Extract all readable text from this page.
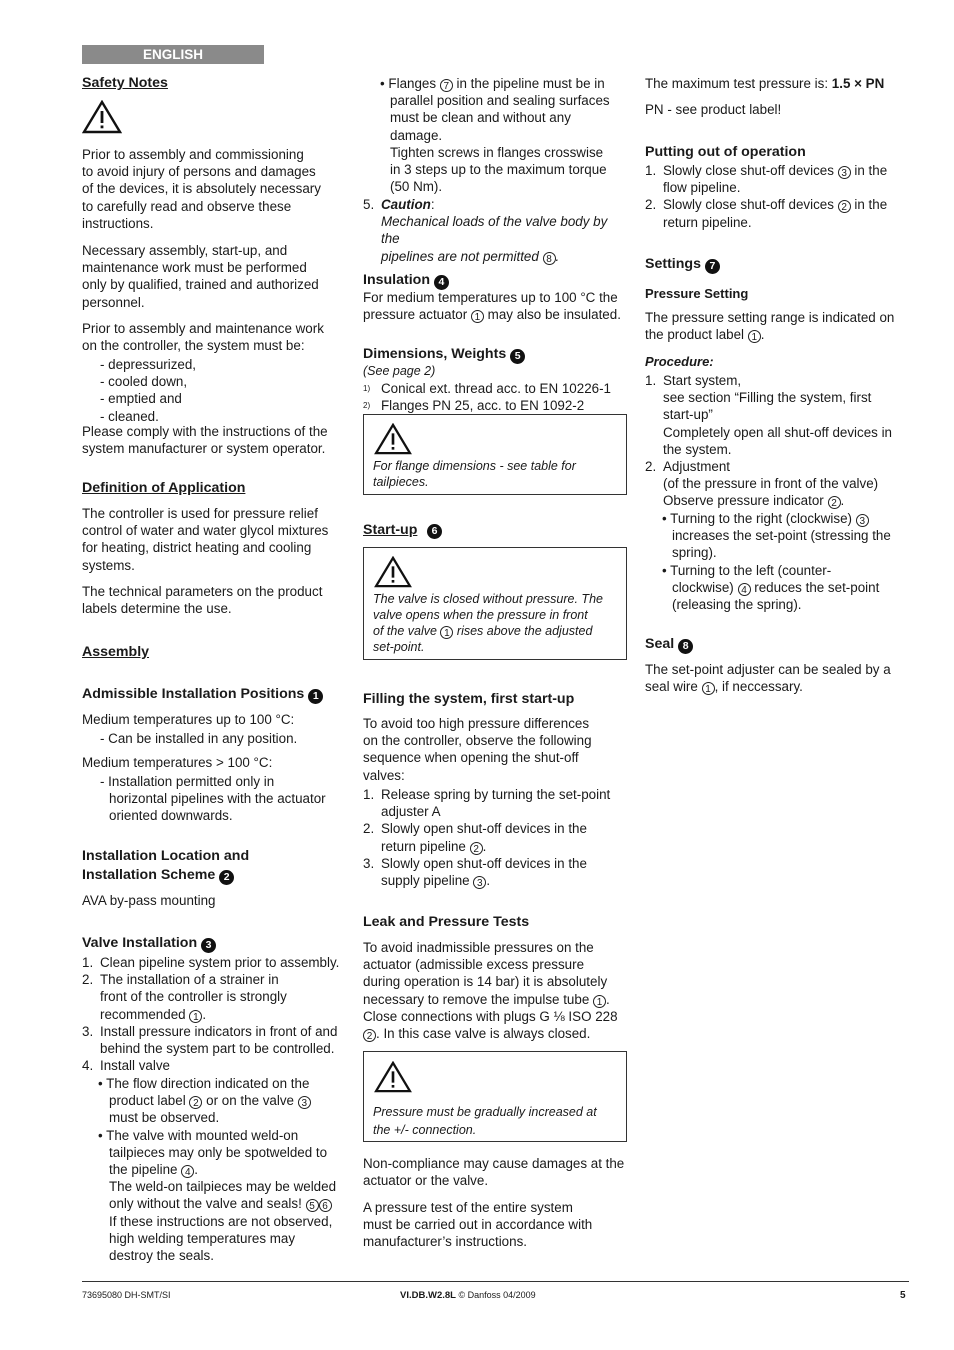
ENGLISH
Safety Notes
Prior to assembly and commissioning
to avoid injury of persons and damages
of the devices, it is absolutely necessary
to carefully read and observe these
instructions.
Necessary assembly, start-up, and
maintenance work must be performed
only by qualified, trained and authorized
personnel.
Prior to assembly and maintenance work
on the controller, the system must be:
- depressurized,
- cooled down,
- emptied and
- cleaned.
Please comply with the instructions of the
system manufacturer or system operator.
Definition of Application
The controller is used for pressure relief
control of water and water glycol mixtures
for heating, district heating and cooling
systems.
The technical parameters on the product
labels determine the use.
Assembly
Admissible Installation Positions 1
Medium temperatures up to 100 °C:
- Can be installed in any position.
Medium temperatures > 100 °C:
- Installation permitted only in
horizontal pipelines with the actuator
oriented downwards.
Installation Location and
Installation Scheme 2
AVA by-pass mounting
Valve Installation 3
1. Clean pipeline system prior to assembly.
2. The installation of a strainer in
front of the controller is strongly
recommended 1 .
3. Install pressure indicators in front of and
behind the system part to be controlled.
4. Install valve
• The flow direction indicated on the
product label 2 or on the valve 3
must be observed.
• The valve with mounted weld-on
tailpieces may only be spotwelded to
the pipeline 4 .
The weld-on tailpieces may be welded
only without the valve and seals! 5 6
If these instructions are not observed,
high welding temperatures may
destroy the seals.
• Flanges 7 in the pipeline must be in
parallel position and sealing surfaces
must be clean and without any
damage.
Tighten screws in flanges crosswise
in 3 steps up to the maximum torque
(50 Nm).
5. Caution:
Mechanical loads of the valve body by the
pipelines are not permitted 8 .
Insulation 4
For medium temperatures up to 100 °C the
pressure actuator 1 may also be insulated.
Dimensions, Weights 5
(See page 2)
1) Conical ext. thread acc. to EN 10226-1
2) Flanges PN 25, acc. to EN 1092-2
For flange dimensions - see table for
tailpieces.
Start-up	6
The valve is closed without pressure. The
valve opens when the pressure in front
of the valve 1 rises above the adjusted
set-point.
Filling the system, first start-up
To avoid too high pressure differences
on the controller, observe the following
sequence when opening the shut-off
valves:
1. Release spring by turning the set-point
adjuster A
2. Slowly open shut-off devices in the
return pipeline 2 .
3. Slowly open shut-off devices in the
supply pipeline 3 .
Leak and Pressure Tests
To avoid inadmissible pressures on the
actuator (admissible excess pressure
during operation is 14 bar) it is absolutely
necessary to remove the impulse tube 1 .
Close connections with plugs G ⅛ ISO 228
2 . In this case valve is always closed.
Pressure must be gradually increased at
the +/- connection.
Non-compliance may cause damages at the
actuator or the valve.
A pressure test of the entire system
must be carried out in accordance with
manufacturer’s instructions.
The maximum test pressure is: 1.5 × PN
PN - see product label!
Putting out of operation
1. Slowly close shut-off devices 3 in the
flow pipeline.
2. Slowly close shut-off devices 2 in the
return pipeline.
Settings 7
Pressure Setting
The pressure setting range is indicated on
the product label 1 .
Procedure:
1. Start system,
see section “Filling the system, first
start-up”
Completely open all shut-off devices in
the system.
2. Adjustment
(of the pressure in front of the valve)
Observe pressure indicator 2 .
• Turning to the right (clockwise) 3
increases the set-point (stressing the
spring).
• Turning to the left (counter-
clockwise) 4 reduces the set-point
(releasing the spring).
Seal 8
The set-point adjuster can be sealed by a
seal wire 1 , if neccessary.
73695080 DH-SMT/SI	VI.DB.W2.8L © Danfoss 04/2009	5
